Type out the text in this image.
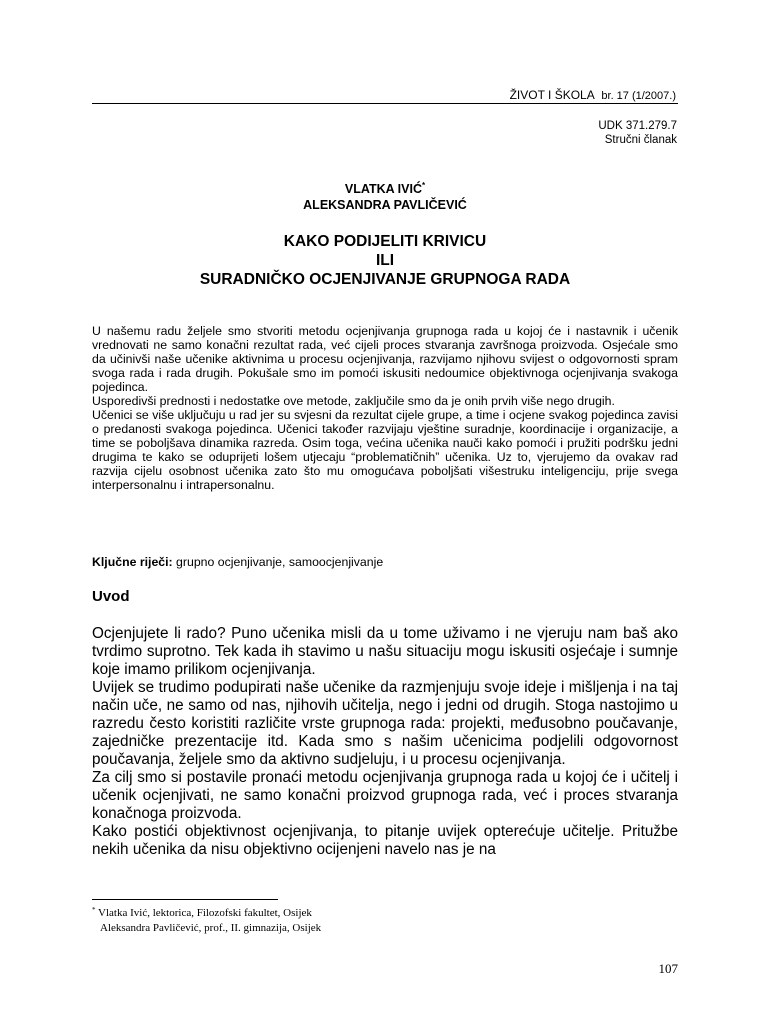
ŽIVOT I ŠKOLA br. 17 (1/2007.)
UDK 371.279.7
Stručni članak
VLATKA IVIĆ*
ALEKSANDRA PAVLIČEVIĆ
KAKO PODIJELITI KRIVICU
ILI
SURADNIČKO OCJENJIVANJE GRUPNOGA RADA

U našemu radu željele smo stvoriti metodu ocjenjivanja grupnoga rada u kojoj će i nastavnik i učenik vrednovati ne samo konačni rezultat rada, već cijeli proces stvaranja završnoga proizvoda. Osjećale smo da učinivši naše učenike aktivnima u procesu ocjenjivanja, razvijamo njihovu svijest o odgovornosti spram svoga rada i rada drugih. Pokušale smo im pomoći iskusiti nedoumice objektivnoga ocjenjivanja svakoga pojedinca.

Usporedivši prednosti i nedostatke ove metode, zaključile smo da je onih prvih više nego drugih.

Učenici se više uključuju u rad jer su svjesni da rezultat cijele grupe, a time i ocjene svakog pojedinca zavisi o predanosti svakoga pojedinca. Učenici također razvijaju vještine suradnje, koordinacije i organizacije, a time se poboljšava dinamika razreda. Osim toga, većina učenika nauči kako pomoći i pružiti podršku jedni drugima te kako se oduprijeti lošem utjecaju “problematičnih” učenika. Uz to, vjerujemo da ovakav rad razvija cijelu osobnost učenika zato što mu omogućava poboljšati višestruku inteligenciju, prije svega interpersonalnu i intrapersonalnu.

Ključne riječi: grupno ocjenjivanje, samoocjenjivanje
Uvod

Ocjenjujete li rado? Puno učenika misli da u tome uživamo i ne vjeruju nam baš ako tvrdimo suprotno. Tek kada ih stavimo u našu situaciju mogu iskusiti osjećaje i sumnje koje imamo prilikom ocjenjivanja.

Uvijek se trudimo podupirati naše učenike da razmjenjuju svoje ideje i mišljenja i na taj način uče, ne samo od nas, njihovih učitelja, nego i jedni od drugih. Stoga nastojimo u razredu često koristiti različite vrste grupnoga rada: projekti, međusobno poučavanje, zajedničke prezentacije itd. Kada smo s našim učenicima podjelili odgovornost poučavanja, željele smo da aktivno sudjeluju, i u procesu ocjenjivanja.

Za cilj smo si postavile pronaći metodu ocjenjivanja grupnoga rada u kojoj će i učitelj i učenik ocjenjivati, ne samo konačni proizvod grupnoga rada, već i proces stvaranja konačnoga proizvoda.

Kako postići objektivnost ocjenjivanja, to pitanje uvijek opterećuje učitelje. Pritužbe nekih učenika da nisu objektivno ocijenjeni navelo nas je na

* Vlatka Ivić, lektorica, Filozofski fakultet, Osijek

Aleksandra Pavličević, prof., II. gimnazija, Osijek

107
